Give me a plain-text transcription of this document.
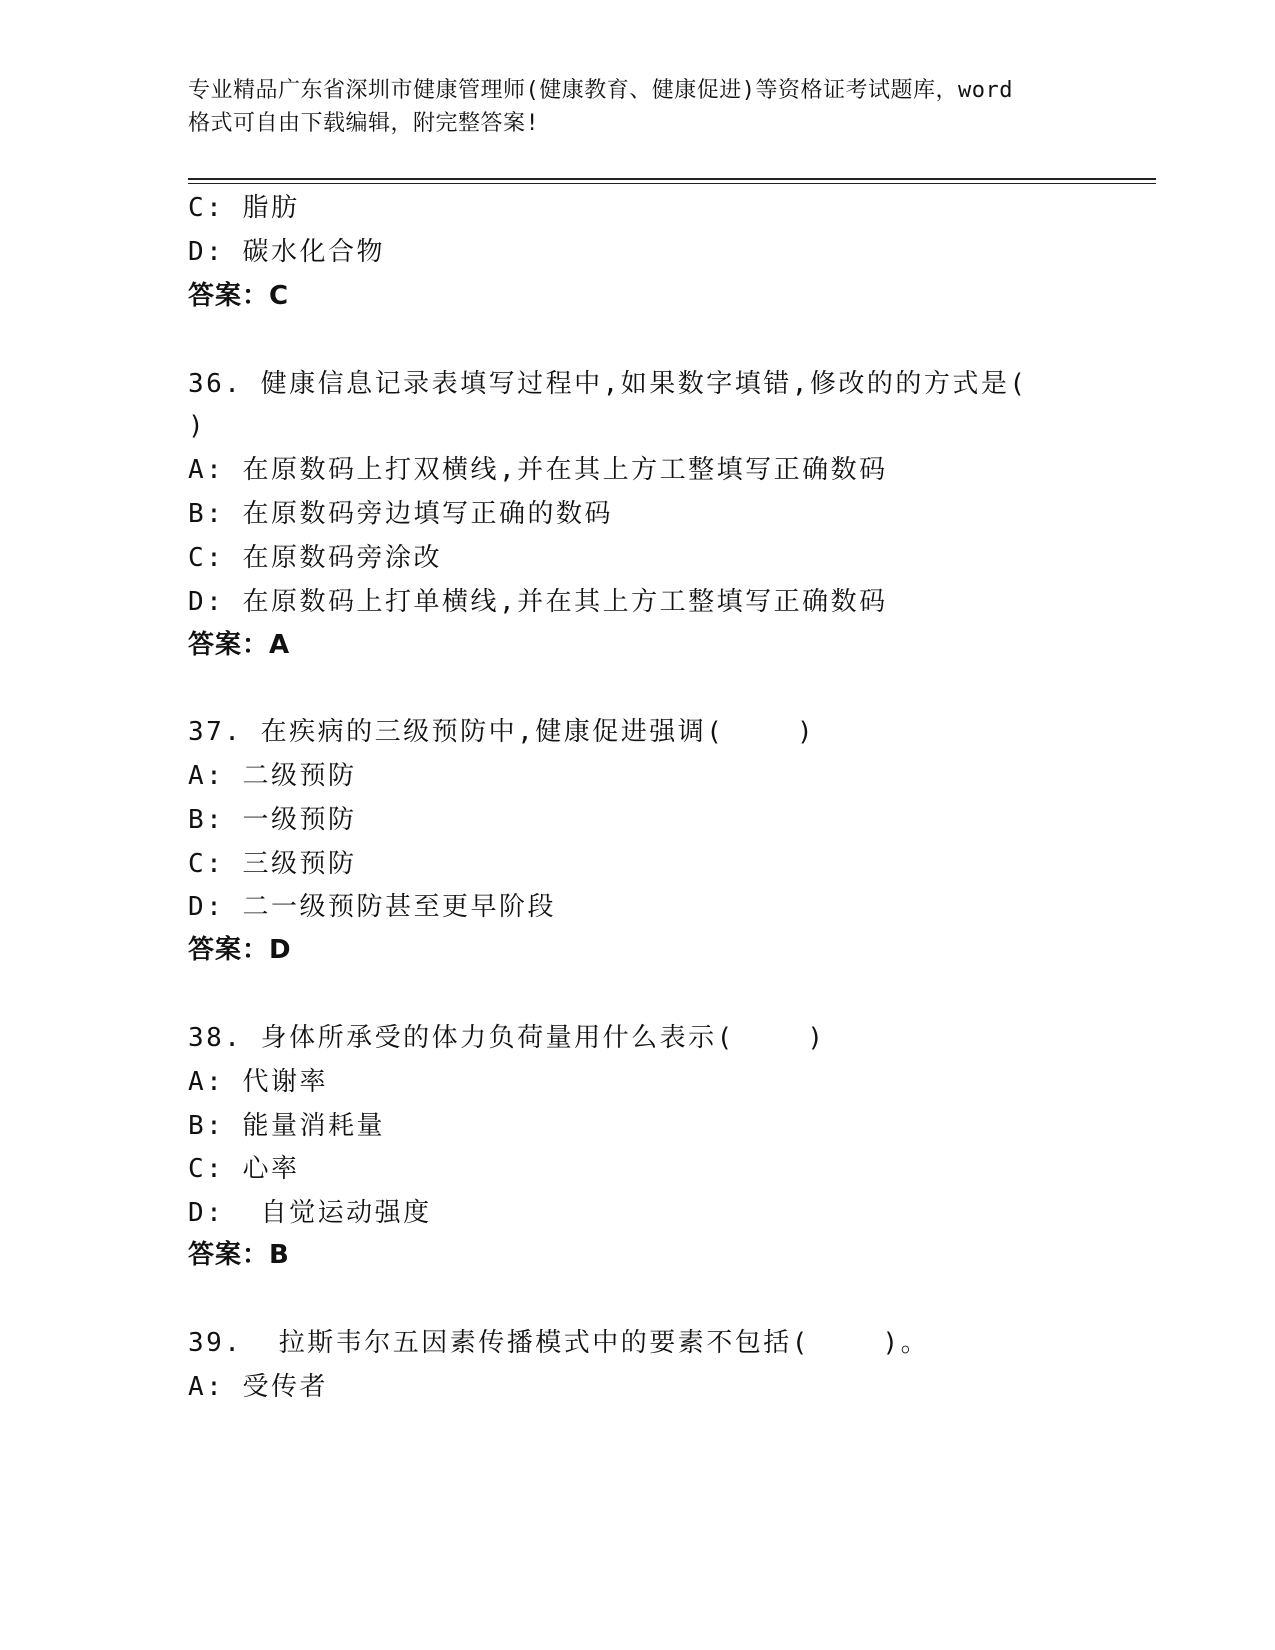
专业精品广东省深圳市健康管理师(健康教育、健康促进)等资格证考试题库，word
格式可自由下载编辑，附完整答案!
C: 脂肪
D: 碳水化合物
答案：C
36. 健康信息记录表填写过程中,如果数字填错,修改的的方式是(
)
A: 在原数码上打双横线,并在其上方工整填写正确数码
B: 在原数码旁边填写正确的数码
C: 在原数码旁涂改
D: 在原数码上打单横线,并在其上方工整填写正确数码
答案：A
37. 在疾病的三级预防中,健康促进强调(    )
A: 二级预防
B: 一级预防
C: 三级预防
D: 二一级预防甚至更早阶段
答案：D
38. 身体所承受的体力负荷量用什么表示(    )
A: 代谢率
B: 能量消耗量
C: 心率
D:  自觉运动强度
答案：B
39.  拉斯韦尔五因素传播模式中的要素不包括(    )。
A: 受传者
